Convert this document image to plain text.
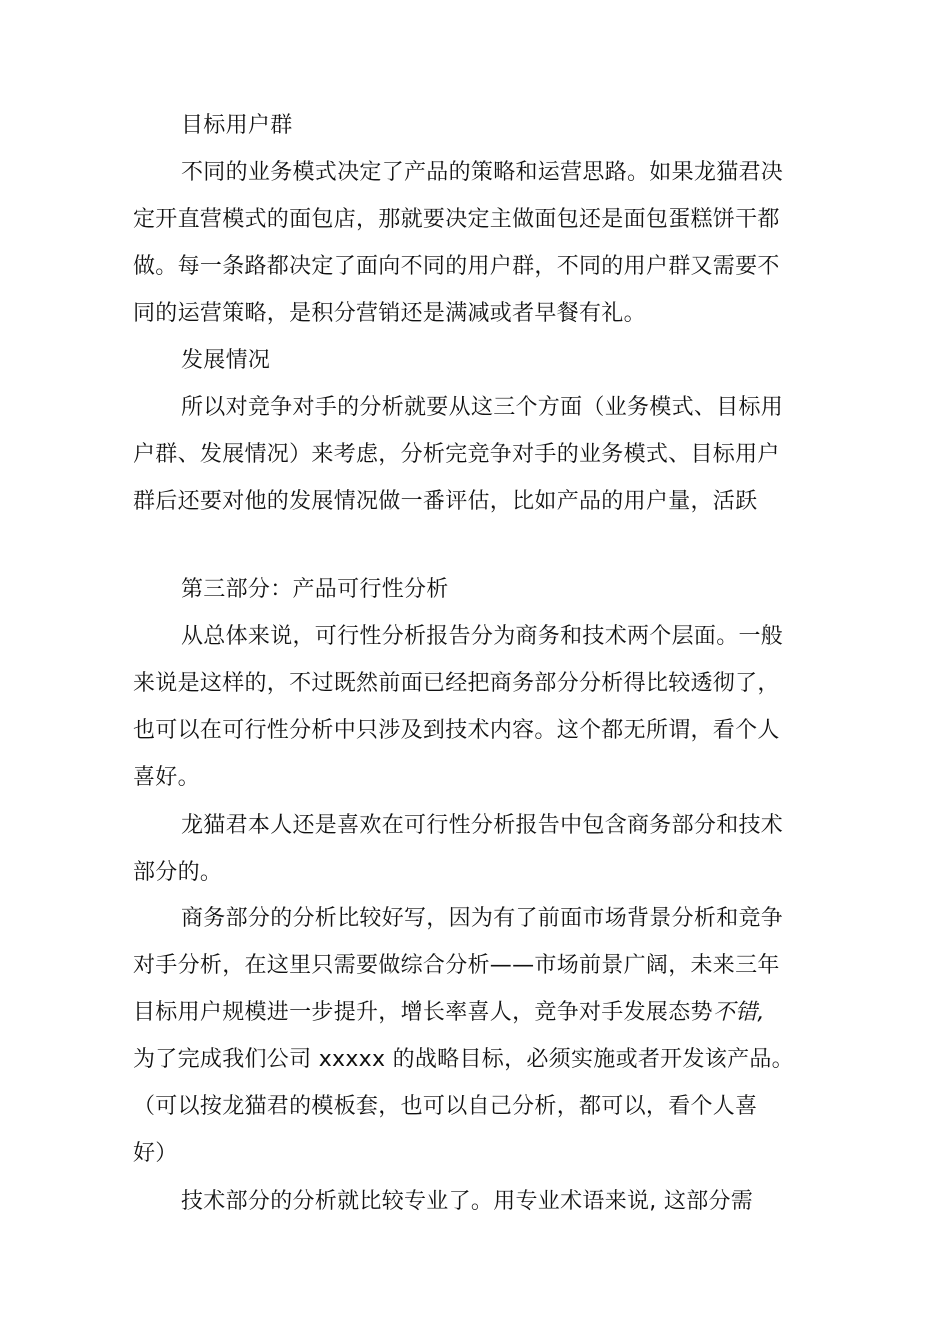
目标用户群
不同的业务模式决定了产品的策略和运营思路。如果龙猫君决
定开直营模式的面包店，那就要决定主做面包还是面包蛋糕饼干都
做。每一条路都决定了面向不同的用户群，不同的用户群又需要不
同的运营策略，是积分营销还是满减或者早餐有礼。
发展情况
所以对竞争对手的分析就要从这三个方面（业务模式、目标用
户群、发展情况）来考虑，分析完竞争对手的业务模式、目标用户
群后还要对他的发展情况做一番评估，比如产品的用户量，活跃
第三部分：产品可行性分析
从总体来说，可行性分析报告分为商务和技术两个层面。一般
来说是这样的，不过既然前面已经把商务部分分析得比较透彻了，
也可以在可行性分析中只涉及到技术内容。这个都无所谓，看个人
喜好。
龙猫君本人还是喜欢在可行性分析报告中包含商务部分和技术
部分的。
商务部分的分析比较好写，因为有了前面市场背景分析和竞争
对手分析，在这里只需要做综合分析——市场前景广阔，未来三年
目标用户规模进一步提升，增长率喜人，竞争对手发展态势不错,
为了完成我们公司 xxxxx 的战略目标，必须实施或者开发该产品。
（可以按龙猫君的模板套，也可以自己分析，都可以，看个人喜
好）
技术部分的分析就比较专业了。用专业术语来说, 这部分需
